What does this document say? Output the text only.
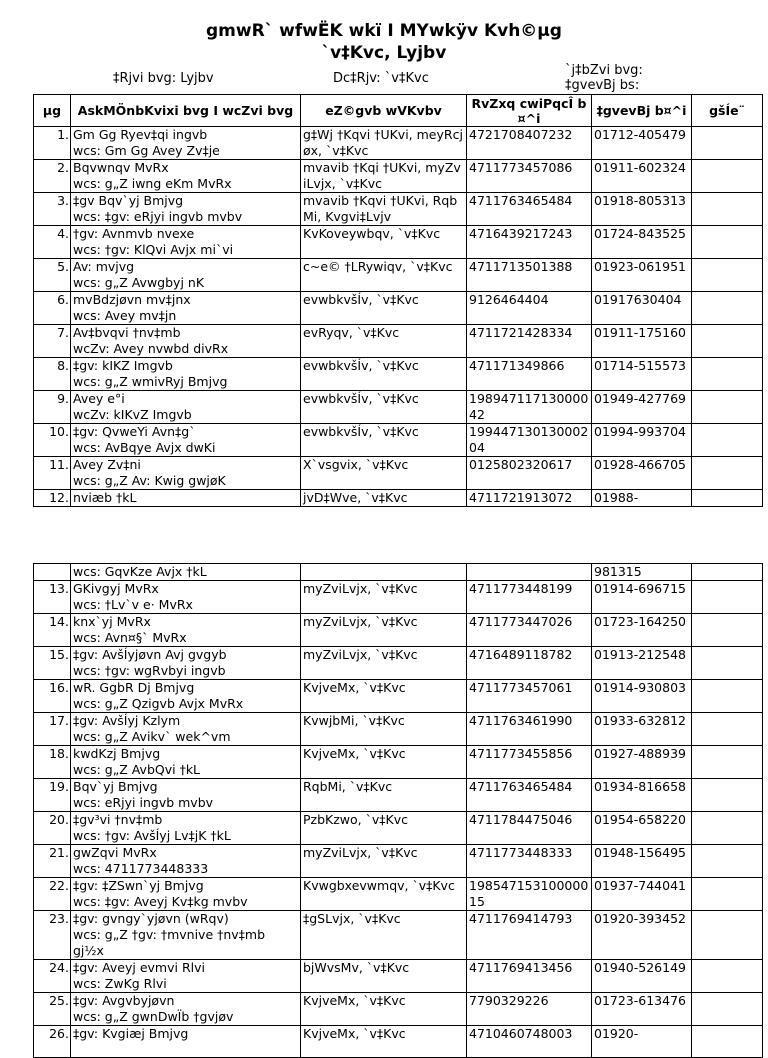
gmwR` wfwËK wkï I MYwkÿv Kvh©µg
`v‡Kvc, Lyjbv
‡Rjvi bvg: Lyjbv	Dc‡Rjv: `v‡Kvc
`j‡bZvi bvg:
‡gvevBj bs:
µg	AskMÖnbKvixi bvg I wcZvi bvg	eZ©gvb wVKvbv	RvZxq cwiPqcÎ b¤^i	‡gvevBj b¤^i	gšÍe¨
1.	Gm Gg Ryev‡qi ingvb
wcs: Gm Gg Avey Zv‡je	g‡Wj †Kqvi †UKvi, meyRcjøx, `v‡Kvc	4721708407232	01712-405479	
2.	Bqvwnqv MvRx
wcs: g„Z iwng eKm MvRx	mvavib †Kqi †UKvi, myZviLvjx, `v‡Kvc	4711773457086	01911-602324	
3.	‡gv Bqv`yj Bmjvg
wcs: ‡gv: eRjyi ingvb mvbv	mvavib †Kqvi †UKvi, RqbMi, Kvgvi‡Lvjv	4711763465484	01918-805313	
4.	†gv: Avnmvb nvexe
wcs: †gv: KlQvi Avjx mi`vi	KvKoveywbqv, `v‡Kvc	4716439217243	01724-843525	
5.	Av: mvjvg
wcs: g„Z Avwgbyj nK	c~e© †LRywiqv, `v‡Kvc	4711713501388	01923-061951	
6.	mvBdzjøvn mv‡jnx
wcs: Avey mv‡jn	evwbkvšÍv, `v‡Kvc	9126464404	01917630404	
7.	Av‡bvqvi †nv‡mb
wcZv: Avey nvwbd divRx	evRyqv, `v‡Kvc	4711721428334	01911-175160	
8.	‡gv: kIKZ Imgvb
wcs: g„Z wmivRyj Bmjvg	evwbkvšÍv, `v‡Kvc	471171349866	01714-515573	
9.	Avey e°i
wcZv: kIKvZ Imgvb	evwbkvšÍv, `v‡Kvc	19894711713000042	01949-427769	
10.	‡gv: QvweYi Avn‡g`
wcs: AvBqye Avjx dwKi	evwbkvšÍv, `v‡Kvc	19944713013000204	01994-993704	
11.	Avey Zv‡ni
wcs: g„Z Av: Kwig gwjøK	X`vsgvix, `v‡Kvc	0125802320617	01928-466705	
12.	nviæb †kL	jvD‡Wve, `v‡Kvc	4711721913072	01988-	
	wcs: GqvKze Avjx †kL			981315	
13.	GKivgyj MvRx
wcs: †Lv`v e· MvRx	myZviLvjx, `v‡Kvc	4711773448199	01914-696715	
14.	knx`yj MvRx
wcs: Avn¤§` MvRx	myZviLvjx, `v‡Kvc	4711773447026	01723-164250	
15.	‡gv: AvšÍyjøvn Avj gvgyb
wcs: †gv: wgRvbyi ingvb	myZviLvjx, `v‡Kvc	4716489118782	01913-212548	
16.	wR. GgbR Dj Bmjvg
wcs: g„Z Qzigvb Avjx MvRx	KvjveMx, `v‡Kvc	4711773457061	01914-930803	
17.	‡gv: AvšÍyj Kzlym
wcs: g„Z Avikv` wek^vm	KvwjbMi, `v‡Kvc	4711763461990	01933-632812	
18.	kwdKzj Bmjvg
wcs: g„Z AvbQvi †kL	KvjveMx, `v‡Kvc	4711773455856	01927-488939	
19.	Bqv`yj Bmjvg
wcs: eRjyi ingvb mvbv	RqbMi, `v‡Kvc	4711763465484	01934-816658	
20.	‡gv³vi †nv‡mb
wcs: †gv: AvšÍyj Lv‡jK †kL	PzbKzwo, `v‡Kvc	4711784475046	01954-658220	
21.	gwZqvi MvRx
wcs: 4711773448333	myZviLvjx, `v‡Kvc	4711773448333	01948-156495	
22.	‡gv: ‡ZSwn`yj Bmjvg
wcs: ‡gv: Aveyj Kv‡kg mvbv	Kvwgbxevwmqv, `v‡Kvc	19854715310000015	01937-744041	
23.	‡gv: gvngy`yjøvn (wRqv)
wcs: g„Z †gv: †mvnive †nv‡mb
gj½x	‡gSLvjx, `v‡Kvc	4711769414793	01920-393452	
24.	‡gv: Aveyj evmvi Rlvi
wcs: ZwKg Rlvi	bjWvsMv, `v‡Kvc	4711769413456	01940-526149	
25.	‡gv: Avgvbyjøvn
wcs: g„Z gwnDwÏb †gvjøv	KvjveMx, `v‡Kvc	7790329226	01723-613476	
26.	‡gv: Kvgiæj Bmjvg	KvjveMx, `v‡Kvc	4710460748003	01920-	
